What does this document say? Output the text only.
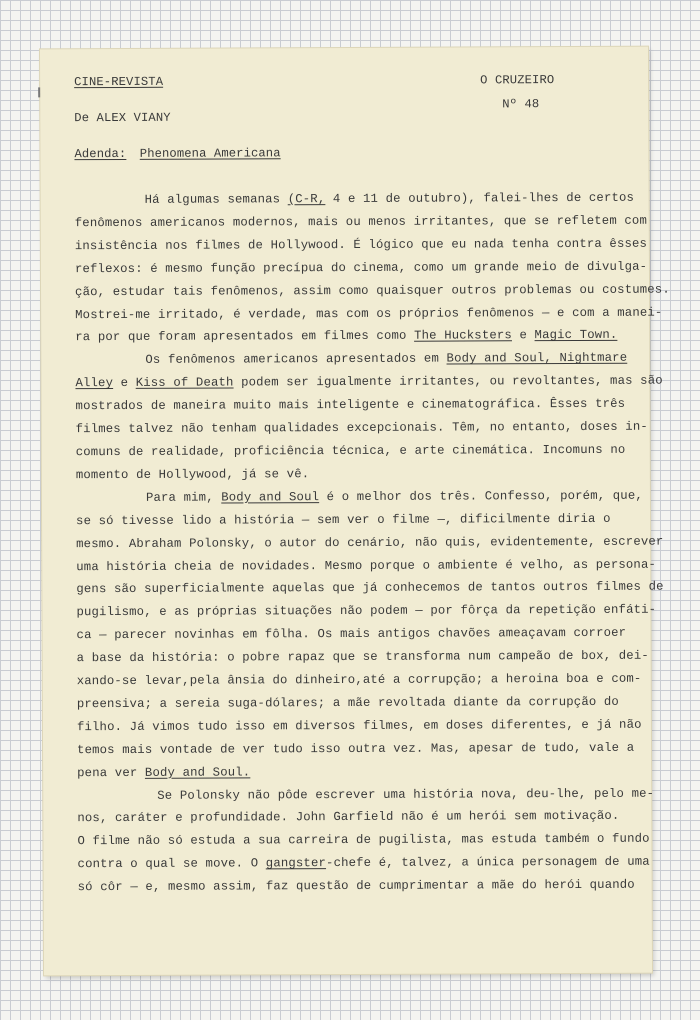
CINE-REVISTA
De ALEX VIANY
O CRUZEIRO
Nº 48
Adenda: Phenomena Americana
Há algumas semanas (C-R, 4 e 11 de outubro), falei-lhes de certos
fenômenos americanos modernos, mais ou menos irritantes, que se refletem com
insistência nos filmes de Hollywood. É lógico que eu nada tenha contra êsses
reflexos: é mesmo função precípua do cinema, como um grande meio de divulga-
ção, estudar tais fenômenos, assim como quaisquer outros problemas ou costumes.
Mostrei-me irritado, é verdade, mas com os próprios fenômenos — e com a manei-
ra por que foram apresentados em filmes como The Hucksters e Magic Town.
Os fenômenos americanos apresentados em Body and Soul, Nightmare
Alley e Kiss of Death podem ser igualmente irritantes, ou revoltantes, mas são
mostrados de maneira muito mais inteligente e cinematográfica. Êsses três
filmes talvez não tenham qualidades excepcionais. Têm, no entanto, doses in-
comuns de realidade, proficiência técnica, e arte cinemática. Incomuns no
momento de Hollywood, já se vê.
Para mim, Body and Soul é o melhor dos três. Confesso, porém, que,
se só tivesse lido a história — sem ver o filme —, dificilmente diria o
mesmo. Abraham Polonsky, o autor do cenário, não quis, evidentemente, escrever
uma história cheia de novidades. Mesmo porque o ambiente é velho, as persona-
gens são superficialmente aquelas que já conhecemos de tantos outros filmes de
pugilismo, e as próprias situações não podem — por fôrça da repetição enfáti-
ca — parecer novinhas em fôlha. Os mais antigos chavões ameaçavam corroer
a base da história: o pobre rapaz que se transforma num campeão de box, dei-
xando-se levar,pela ânsia do dinheiro,até a corrupção; a heroina boa e com-
preensiva; a sereia suga-dólares; a mãe revoltada diante da corrupção do
filho. Já vimos tudo isso em diversos filmes, em doses diferentes, e já não
temos mais vontade de ver tudo isso outra vez. Mas, apesar de tudo, vale a
pena ver Body and Soul.
Se Polonsky não pôde escrever uma história nova, deu-lhe, pelo me-
nos, caráter e profundidade. John Garfield não é um herói sem motivação.
O filme não só estuda a sua carreira de pugilista, mas estuda também o fundo
contra o qual se move. O gangster-chefe é, talvez, a única personagem de uma
só côr — e, mesmo assim, faz questão de cumprimentar a mãe do herói quando
